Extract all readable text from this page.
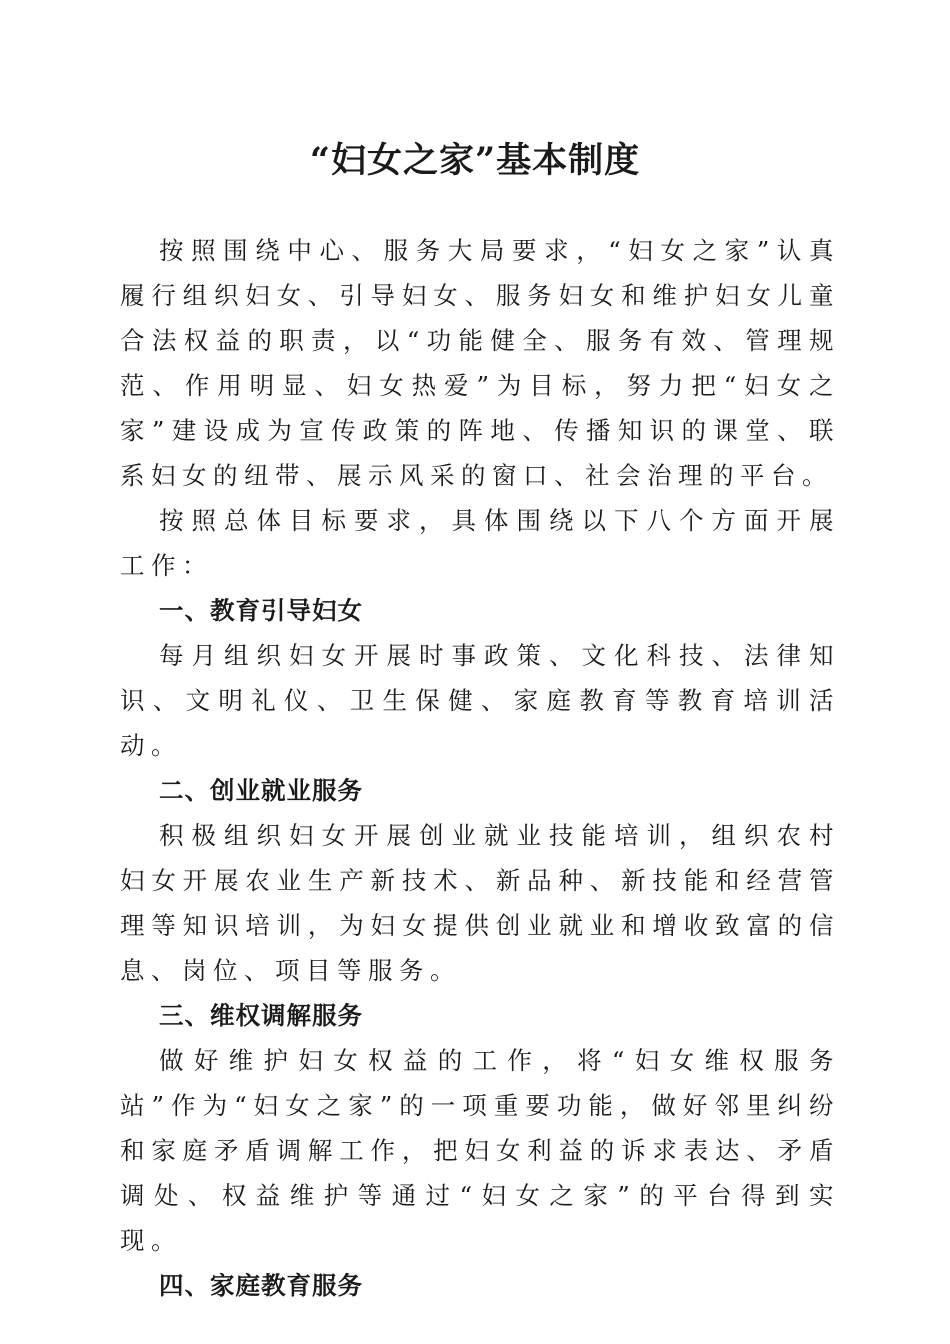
“妇女之家”基本制度

按照围绕中心、服务大局要求，“妇女之家”认真履行组织妇女、引导妇女、服务妇女和维护妇女儿童合法权益的职责，以“功能健全、服务有效、管理规范、作用明显、妇女热爱”为目标，努力把“妇女之家”建设成为宣传政策的阵地、传播知识的课堂、联系妇女的纽带、展示风采的窗口、社会治理的平台。

按照总体目标要求，具体围绕以下八个方面开展工作：

一、教育引导妇女

每月组织妇女开展时事政策、文化科技、法律知识、文明礼仪、卫生保健、家庭教育等教育培训活动。

二、创业就业服务

积极组织妇女开展创业就业技能培训，组织农村妇女开展农业生产新技术、新品种、新技能和经营管理等知识培训，为妇女提供创业就业和增收致富的信息、岗位、项目等服务。

三、维权调解服务

做好维护妇女权益的工作，将“妇女维权服务站”作为“妇女之家”的一项重要功能，做好邻里纠纷和家庭矛盾调解工作，把妇女利益的诉求表达、矛盾调处、权益维护等通过“妇女之家”的平台得到实现。

四、家庭教育服务
